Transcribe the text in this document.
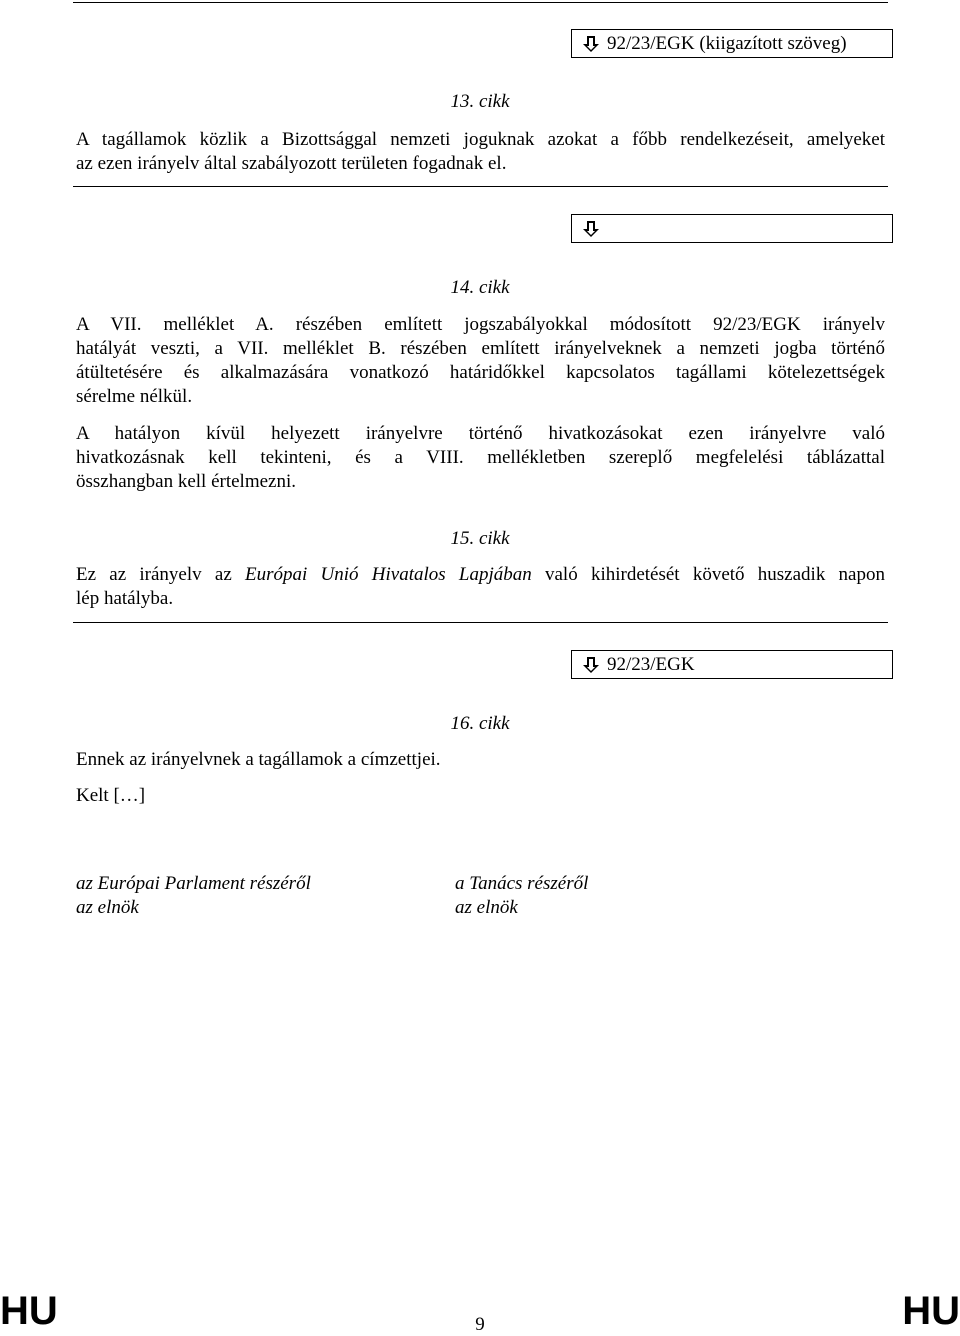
92/23/EGK (kiigazított szöveg)
13. cikk
A tagállamok közlik a Bizottsággal nemzeti joguknak azokat a főbb rendelkezéseit, amelyeket
az ezen irányelv által szabályozott területen fogadnak el.
14. cikk
A VII. melléklet A. részében említett jogszabályokkal módosított 92/23/EGK irányelv
hatályát veszti, a VII. melléklet B. részében említett irányelveknek a nemzeti jogba történő
átültetésére és alkalmazására vonatkozó határidőkkel kapcsolatos tagállami kötelezettségek
sérelme nélkül.
A hatályon kívül helyezett irányelvre történő hivatkozásokat ezen irányelvre való
hivatkozásnak kell tekinteni, és a VIII. mellékletben szereplő megfelelési táblázattal
összhangban kell értelmezni.
15. cikk
Ez az irányelv az Európai Unió Hivatalos Lapjában való kihirdetését követő huszadik napon
lép hatályba.
92/23/EGK
16. cikk
Ennek az irányelvnek a tagállamok a címzettjei.
Kelt […]
az Európai Parlament részéről
az elnök
a Tanács részéről
az elnök
HU	9	HU
